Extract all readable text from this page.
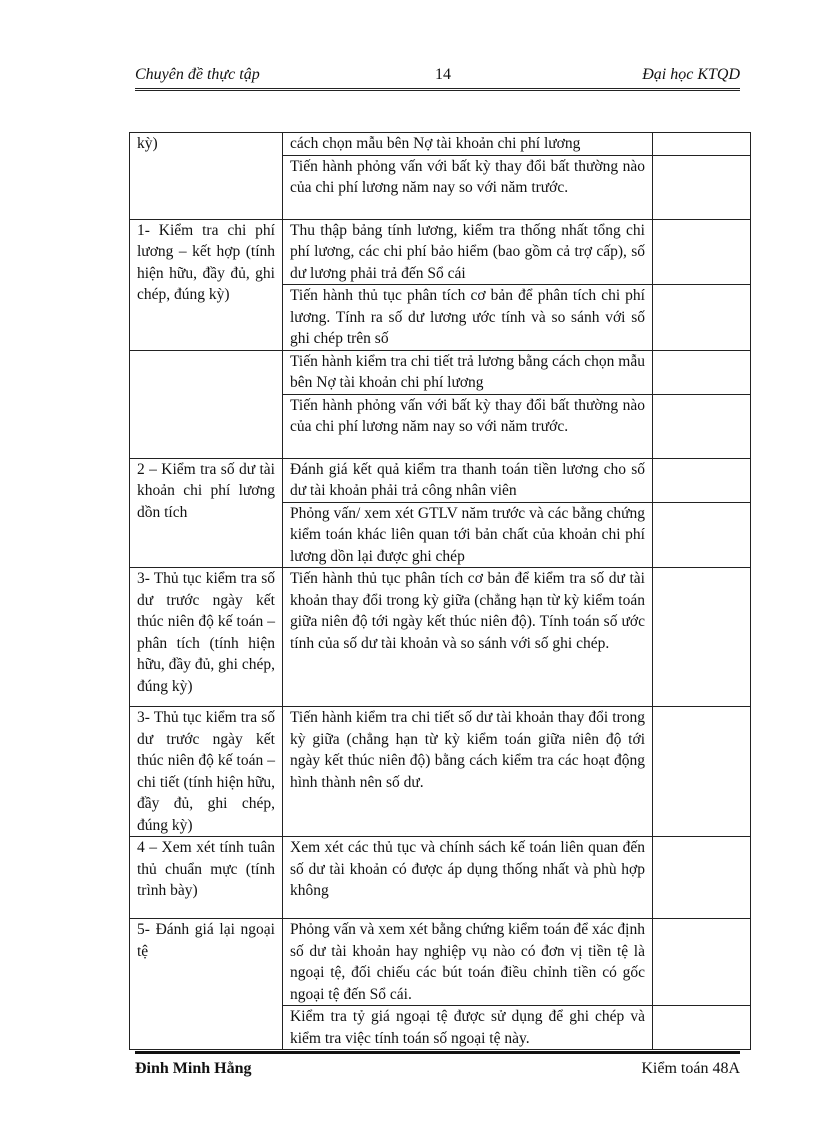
Chuyên đề thực tập	14	Đại học KTQD
kỳ)	cách chọn mẫu bên Nợ tài khoản chi phí lương	
	Tiến hành phỏng vấn với bất kỳ thay đổi bất thường nào của chi phí lương năm nay so với năm trước.	
1- Kiểm tra chi phí lương – kết hợp (tính hiện hữu, đầy đủ, ghi chép, đúng kỳ)	Thu thập bảng tính lương, kiểm tra thống nhất tổng chi phí lương, các chi phí bảo hiểm (bao gồm cả trợ cấp), số dư lương phải trả đến Sổ cái	
	Tiến hành thủ tục phân tích cơ bản để phân tích chi phí lương. Tính ra số dư lương ước tính và so sánh với số ghi chép trên số	
	Tiến hành kiểm tra chi tiết trả lương bằng cách chọn mẫu bên Nợ tài khoản chi phí lương	
	Tiến hành phỏng vấn với bất kỳ thay đổi bất thường nào của chi phí lương năm nay so với năm trước.	
2 – Kiểm tra số dư tài khoản chi phí lương dồn tích	Đánh giá kết quả kiểm tra thanh toán tiền lương cho số dư tài khoản phải trả công nhân viên	
	Phỏng vấn/ xem xét GTLV năm trước và các bằng chứng kiểm toán khác liên quan tới bản chất của khoản chi phí lương dồn lại được ghi chép	
3- Thủ tục kiểm tra số dư trước ngày kết thúc niên độ kế toán – phân tích (tính hiện hữu, đầy đủ, ghi chép, đúng kỳ)	Tiến hành thủ tục phân tích cơ bản để kiểm tra số dư tài khoản thay đổi trong kỳ giữa (chẳng hạn từ kỳ kiểm toán giữa niên độ tới ngày kết thúc niên độ). Tính toán số ước tính của số dư tài khoản và so sánh với số ghi chép.	
3- Thủ tục kiểm tra số dư trước ngày kết thúc niên độ kế toán – chi tiết (tính hiện hữu, đầy đủ, ghi chép, đúng kỳ)	Tiến hành kiểm tra chi tiết số dư tài khoản thay đổi trong kỳ giữa (chẳng hạn từ kỳ kiểm toán giữa niên độ tới ngày kết thúc niên độ) bằng cách kiểm tra các hoạt động hình thành nên số dư.	
4 – Xem xét tính tuân thủ chuẩn mực (tính trình bày)	Xem xét các thủ tục và chính sách kế toán liên quan đến số dư tài khoản có được áp dụng thống nhất và phù hợp không	
5- Đánh giá lại ngoại tệ	Phỏng vấn và xem xét bằng chứng kiểm toán để xác định số dư tài khoản hay nghiệp vụ nào có đơn vị tiền tệ là ngoại tệ, đối chiếu các bút toán điều chỉnh tiền có gốc ngoại tệ đến Sổ cái.	
	Kiểm tra tỷ giá ngoại tệ được sử dụng để ghi chép và kiểm tra việc tính toán số ngoại tệ này.	
Đinh Minh Hằng	Kiểm toán 48A
